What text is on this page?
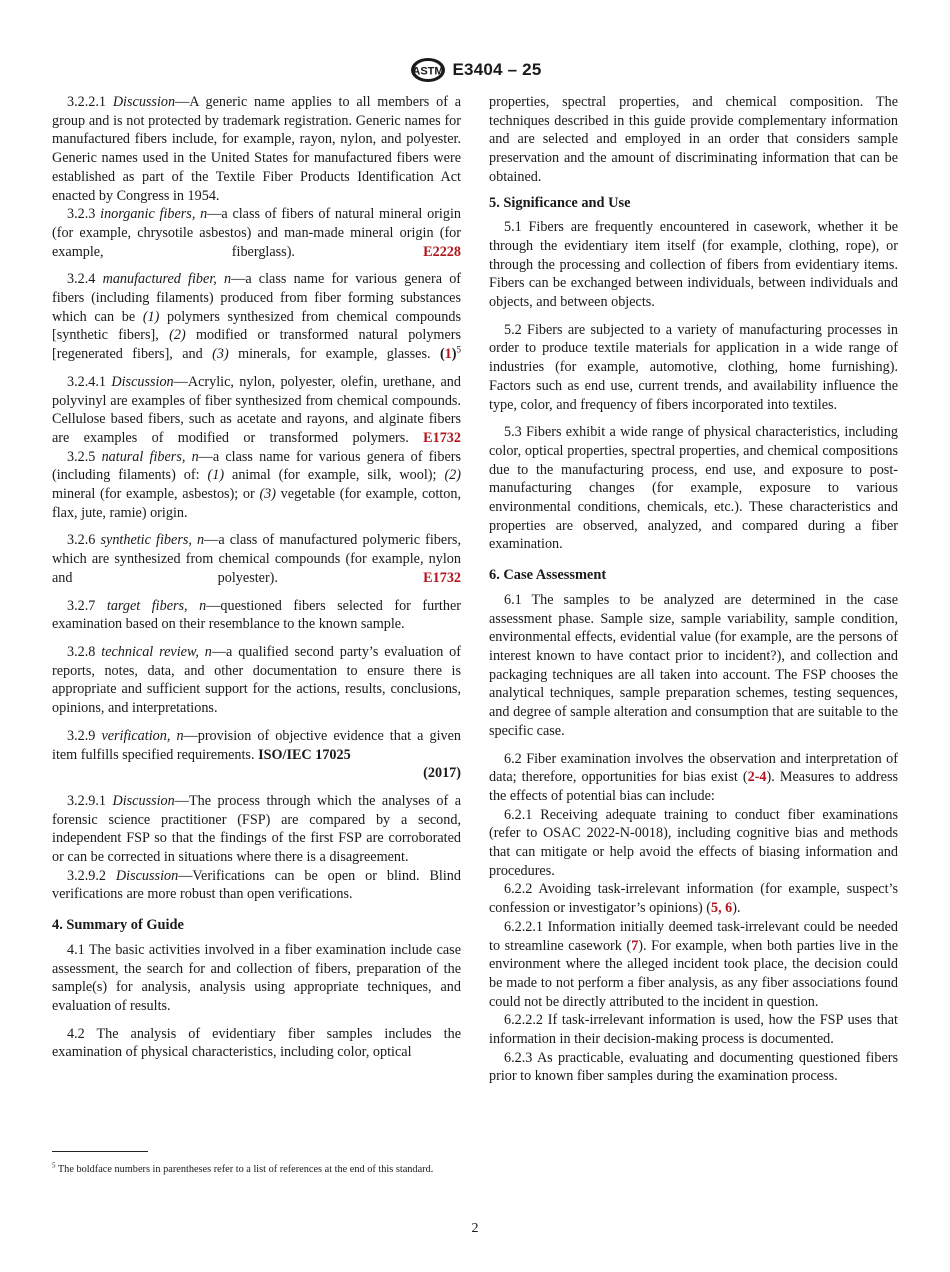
ASTM E3404 – 25

3.2.2.1 Discussion—A generic name applies to all members of a group and is not protected by trademark registration. Generic names for manufactured fibers include, for example, rayon, nylon, and polyester. Generic names used in the United States for manufactured fibers were established as part of the Textile Fiber Products Identification Act enacted by Congress in 1954.

3.2.3 inorganic fibers, n—a class of fibers of natural mineral origin (for example, chrysotile asbestos) and man-made mineral origin (for example, fiberglass).	E2228

3.2.4 manufactured fiber, n—a class name for various genera of fibers (including filaments) produced from fiber forming substances which can be (1) polymers synthesized from chemical compounds [synthetic fibers], (2) modified or transformed natural polymers [regenerated fibers], and (3) minerals, for example, glasses. $(1)^5$

3.2.4.1 Discussion—Acrylic, nylon, polyester, olefin, urethane, and polyvinyl are examples of fiber synthesized from chemical compounds. Cellulose based fibers, such as acetate and rayons, and alginate fibers are examples of modified or transformed polymers. E1732

3.2.5 natural fibers, n—a class name for various genera of fibers (including filaments) of: (1) animal (for example, silk, wool); (2) mineral (for example, asbestos); or (3) vegetable (for example, cotton, flax, jute, ramie) origin.

3.2.6 synthetic fibers, n—a class of manufactured polymeric fibers, which are synthesized from chemical compounds (for example, nylon and polyester).	E1732

3.2.7 target fibers, n—questioned fibers selected for further examination based on their resemblance to the known sample.

3.2.8 technical review, n—a qualified second party’s evaluation of reports, notes, data, and other documentation to ensure there is appropriate and sufficient support for the actions, results, conclusions, opinions, and interpretations.

3.2.9 verification, n—provision of objective evidence that a given item fulfills specified requirements. ISO/IEC 17025

(2017)

3.2.9.1 Discussion—The process through which the analyses of a forensic science practitioner (FSP) are compared by a second, independent FSP so that the findings of the first FSP are corroborated or can be corrected in situations where there is a disagreement.

3.2.9.2 Discussion—Verifications can be open or blind. Blind verifications are more robust than open verifications.

4. Summary of Guide

4.1 The basic activities involved in a fiber examination include case assessment, the search for and collection of fibers, preparation of the sample(s) for analysis, analysis using appropriate techniques, and evaluation of results.

4.2 The analysis of evidentiary fiber samples includes the examination of physical characteristics, including color, optical

properties, spectral properties, and chemical composition. The techniques described in this guide provide complementary information and are selected and employed in an order that considers sample preservation and the amount of discriminating information that can be obtained.

5. Significance and Use

5.1 Fibers are frequently encountered in casework, whether it be through the evidentiary item itself (for example, clothing, rope), or through the processing and collection of fibers from evidentiary items. Fibers can be exchanged between individuals, between individuals and objects, and between objects.

5.2 Fibers are subjected to a variety of manufacturing processes in order to produce textile materials for application in a wide range of industries (for example, automotive, clothing, home furnishing). Factors such as end use, current trends, and availability influence the type, color, and frequency of fibers incorporated into textiles.

5.3 Fibers exhibit a wide range of physical characteristics, including color, optical properties, spectral properties, and chemical compositions due to the manufacturing process, end use, and exposure to post-manufacturing changes (for example, exposure to various environmental conditions, chemicals, etc.). These characteristics and properties are observed, analyzed, and compared during a fiber examination.

6. Case Assessment

6.1 The samples to be analyzed are determined in the case assessment phase. Sample size, sample variability, sample condition, environmental effects, evidential value (for example, are the persons of interest known to have contact prior to incident?), and collection and packaging techniques are all taken into account. The FSP chooses the analytical techniques, sample preparation schemes, testing sequences, and degree of sample alteration and consumption that are suitable to the specific case.

6.2 Fiber examination involves the observation and interpretation of data; therefore, opportunities for bias exist (2-4). Measures to address the effects of potential bias can include:

6.2.1 Receiving adequate training to conduct fiber examinations (refer to OSAC 2022-N-0018), including cognitive bias and methods that can mitigate or help avoid the effects of biasing information and procedures.

6.2.2 Avoiding task-irrelevant information (for example, suspect’s confession or investigator’s opinions) (5, 6).

6.2.2.1 Information initially deemed task-irrelevant could be needed to streamline casework (7). For example, when both parties live in the environment where the alleged incident took place, the decision could be made to not perform a fiber analysis, as any fiber associations found could not be directly attributed to the incident in question.

6.2.2.2 If task-irrelevant information is used, how the FSP uses that information in their decision-making process is documented.

6.2.3 As practicable, evaluating and documenting questioned fibers prior to known fiber samples during the examination process.

$^5$ The boldface numbers in parentheses refer to a list of references at the end of this standard.
2
